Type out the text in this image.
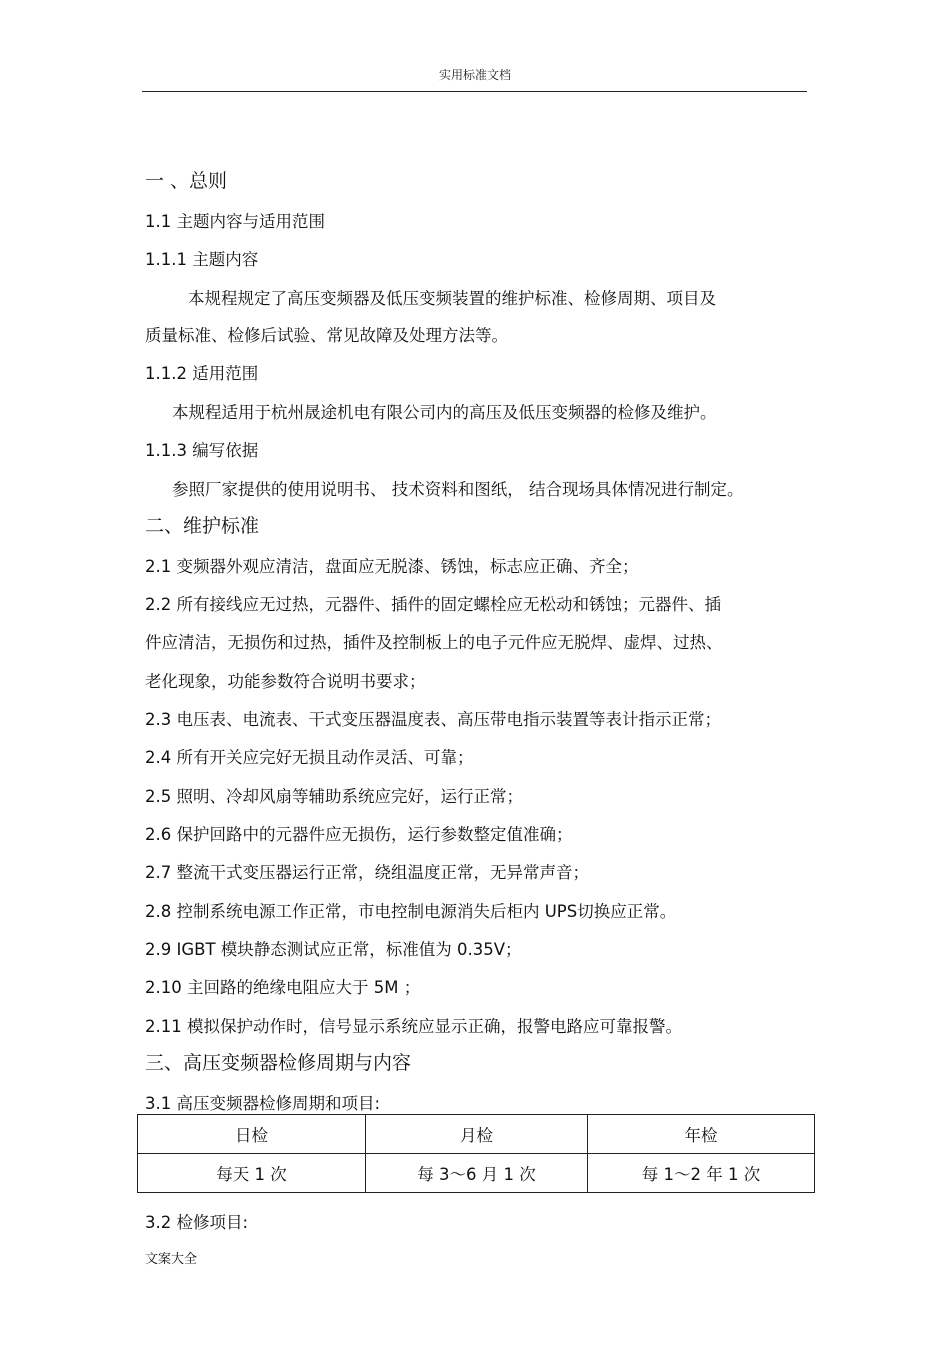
实用标准文档
一 、总则
1.1 主题内容与适用范围
1.1.1 主题内容
本规程规定了高压变频器及低压变频装置的维护标准、检修周期、项目及
质量标准、检修后试验、常见故障及处理方法等。
1.1.2 适用范围
本规程适用于杭州晟途机电有限公司内的高压及低压变频器的检修及维护。
1.1.3 编写依据
参照厂家提供的使用说明书、 技术资料和图纸， 结合现场具体情况进行制定。
二、维护标准
2.1 变频器外观应清洁，盘面应无脱漆、锈蚀，标志应正确、齐全；
2.2 所有接线应无过热，元器件、插件的固定螺栓应无松动和锈蚀；元器件、插
件应清洁，无损伤和过热，插件及控制板上的电子元件应无脱焊、虚焊、过热、
老化现象，功能参数符合说明书要求；
2.3 电压表、电流表、干式变压器温度表、高压带电指示装置等表计指示正常；
2.4 所有开关应完好无损且动作灵活、可靠；
2.5 照明、冷却风扇等辅助系统应完好，运行正常；
2.6 保护回路中的元器件应无损伤，运行参数整定值准确；
2.7 整流干式变压器运行正常，绕组温度正常，无异常声音；
2.8 控制系统电源工作正常，市电控制电源消失后柜内 UPS切换应正常。
2.9 IGBT 模块静态测试应正常，标准值为 0.35V；
2.10 主回路的绝缘电阻应大于 5M ；
2.11 模拟保护动作时，信号显示系统应显示正确，报警电路应可靠报警。
三、高压变频器检修周期与内容
3.1 高压变频器检修周期和项目:
日检	月检	年检
每天 1 次	每 3～6 月 1 次	每 1～2 年 1 次
3.2 检修项目:
文案大全
